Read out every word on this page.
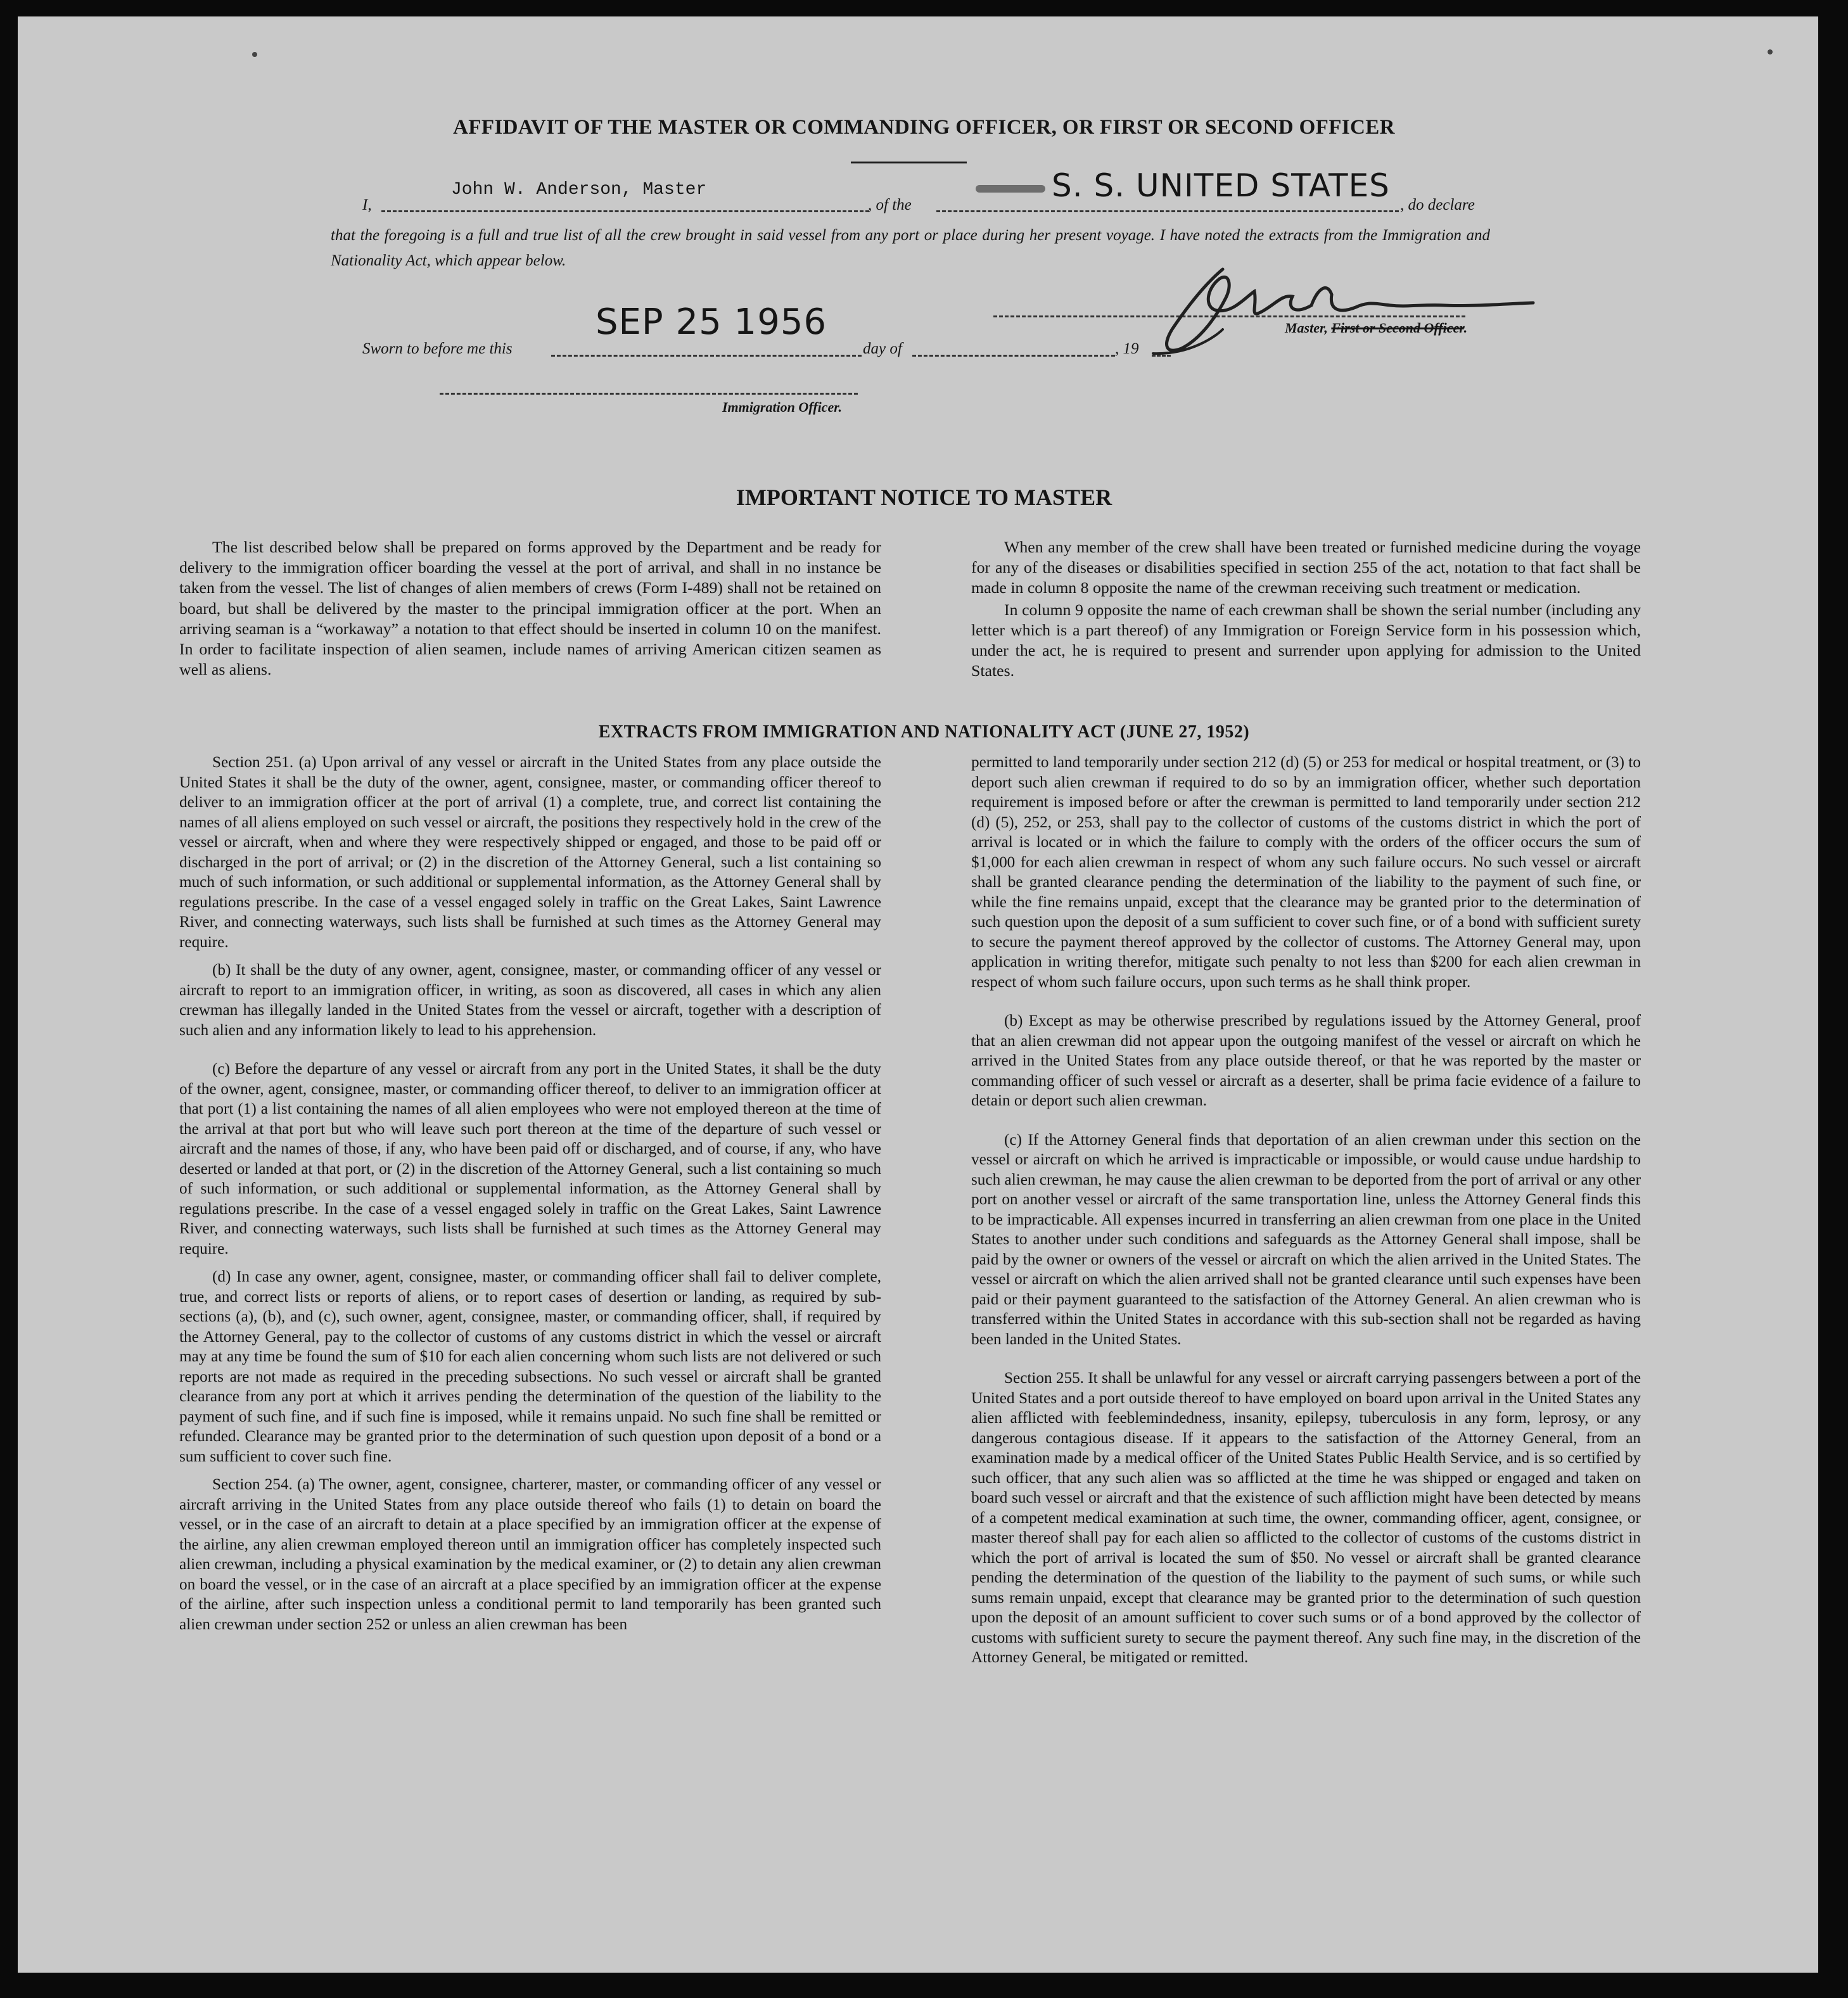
AFFIDAVIT OF THE MASTER OR COMMANDING OFFICER, OR FIRST OR SECOND OFFICER
I,
John W. Anderson, Master
, of the
S. S. UNITED STATES
, do declare
that the foregoing is a full and true list of all the crew brought in said vessel from any port or place during her present voyage. I have noted the extracts from the Immigration and Nationality Act, which appear below.
Master, First or Second Officer.
Sworn to before me this
SEP 25 1956
day of	, 19
Immigration Officer.
IMPORTANT NOTICE TO MASTER

The list described below shall be prepared on forms approved by the Department and be ready for delivery to the immigration officer boarding the vessel at the port of arrival, and shall in no instance be taken from the vessel. The list of changes of alien members of crews (Form I-489) shall not be retained on board, but shall be delivered by the master to the principal immigration officer at the port. When an arriving seaman is a “workaway” a notation to that effect should be inserted in column 10 on the manifest. In order to facilitate inspection of alien seamen, include names of arriving American citizen seamen as well as aliens.

When any member of the crew shall have been treated or furnished medicine during the voyage for any of the diseases or disabilities specified in section 255 of the act, notation to that fact shall be made in column 8 opposite the name of the crewman receiving such treatment or medication.

In column 9 opposite the name of each crewman shall be shown the serial number (including any letter which is a part thereof) of any Immigration or Foreign Service form in his possession which, under the act, he is required to present and surrender upon applying for admission to the United States.

EXTRACTS FROM IMMIGRATION AND NATIONALITY ACT (JUNE 27, 1952)

Section 251. (a) Upon arrival of any vessel or aircraft in the United States from any place outside the United States it shall be the duty of the owner, agent, consignee, master, or commanding officer thereof to deliver to an immigration officer at the port of arrival (1) a complete, true, and correct list containing the names of all aliens employed on such vessel or aircraft, the positions they respectively hold in the crew of the vessel or aircraft, when and where they were respectively shipped or engaged, and those to be paid off or discharged in the port of arrival; or (2) in the discretion of the Attorney General, such a list containing so much of such information, or such additional or supplemental information, as the Attorney General shall by regulations prescribe. In the case of a vessel engaged solely in traffic on the Great Lakes, Saint Lawrence River, and connecting waterways, such lists shall be furnished at such times as the Attorney General may require.

(b) It shall be the duty of any owner, agent, consignee, master, or commanding officer of any vessel or aircraft to report to an immigration officer, in writing, as soon as discovered, all cases in which any alien crewman has illegally landed in the United States from the vessel or aircraft, together with a description of such alien and any information likely to lead to his apprehension.

(c) Before the departure of any vessel or aircraft from any port in the United States, it shall be the duty of the owner, agent, consignee, master, or commanding officer thereof, to deliver to an immigration officer at that port (1) a list containing the names of all alien employees who were not employed thereon at the time of the arrival at that port but who will leave such port thereon at the time of the departure of such vessel or aircraft and the names of those, if any, who have been paid off or discharged, and of course, if any, who have deserted or landed at that port, or (2) in the discretion of the Attorney General, such a list containing so much of such information, or such additional or supplemental information, as the Attorney General shall by regulations prescribe. In the case of a vessel engaged solely in traffic on the Great Lakes, Saint Lawrence River, and connecting waterways, such lists shall be furnished at such times as the Attorney General may require.

(d) In case any owner, agent, consignee, master, or commanding officer shall fail to deliver complete, true, and correct lists or reports of aliens, or to report cases of desertion or landing, as required by sub-sections (a), (b), and (c), such owner, agent, consignee, master, or commanding officer, shall, if required by the Attorney General, pay to the collector of customs of any customs district in which the vessel or aircraft may at any time be found the sum of $10 for each alien concerning whom such lists are not delivered or such reports are not made as required in the preceding subsections. No such vessel or aircraft shall be granted clearance from any port at which it arrives pending the determination of the question of the liability to the payment of such fine, and if such fine is imposed, while it remains unpaid. No such fine shall be remitted or refunded. Clearance may be granted prior to the determination of such question upon deposit of a bond or a sum sufficient to cover such fine.

Section 254. (a) The owner, agent, consignee, charterer, master, or commanding officer of any vessel or aircraft arriving in the United States from any place outside thereof who fails (1) to detain on board the vessel, or in the case of an aircraft to detain at a place specified by an immigration officer at the expense of the airline, any alien crewman employed thereon until an immigration officer has completely inspected such alien crewman, including a physical examination by the medical examiner, or (2) to detain any alien crewman on board the vessel, or in the case of an aircraft at a place specified by an immigration officer at the expense of the airline, after such inspection unless a conditional permit to land temporarily has been granted such alien crewman under section 252 or unless an alien crewman has been

permitted to land temporarily under section 212 (d) (5) or 253 for medical or hospital treatment, or (3) to deport such alien crewman if required to do so by an immigration officer, whether such deportation requirement is imposed before or after the crewman is permitted to land temporarily under section 212 (d) (5), 252, or 253, shall pay to the collector of customs of the customs district in which the port of arrival is located or in which the failure to comply with the orders of the officer occurs the sum of $1,000 for each alien crewman in respect of whom any such failure occurs. No such vessel or aircraft shall be granted clearance pending the determination of the liability to the payment of such fine, or while the fine remains unpaid, except that the clearance may be granted prior to the determination of such question upon the deposit of a sum sufficient to cover such fine, or of a bond with sufficient surety to secure the payment thereof approved by the collector of customs. The Attorney General may, upon application in writing therefor, mitigate such penalty to not less than $200 for each alien crewman in respect of whom such failure occurs, upon such terms as he shall think proper.

(b) Except as may be otherwise prescribed by regulations issued by the Attorney General, proof that an alien crewman did not appear upon the outgoing manifest of the vessel or aircraft on which he arrived in the United States from any place outside thereof, or that he was reported by the master or commanding officer of such vessel or aircraft as a deserter, shall be prima facie evidence of a failure to detain or deport such alien crewman.

(c) If the Attorney General finds that deportation of an alien crewman under this section on the vessel or aircraft on which he arrived is impracticable or impossible, or would cause undue hardship to such alien crewman, he may cause the alien crewman to be deported from the port of arrival or any other port on another vessel or aircraft of the same transportation line, unless the Attorney General finds this to be impracticable. All expenses incurred in transferring an alien crewman from one place in the United States to another under such conditions and safeguards as the Attorney General shall impose, shall be paid by the owner or owners of the vessel or aircraft on which the alien arrived in the United States. The vessel or aircraft on which the alien arrived shall not be granted clearance until such expenses have been paid or their payment guaranteed to the satisfaction of the Attorney General. An alien crewman who is transferred within the United States in accordance with this sub-section shall not be regarded as having been landed in the United States.

Section 255. It shall be unlawful for any vessel or aircraft carrying passengers between a port of the United States and a port outside thereof to have employed on board upon arrival in the United States any alien afflicted with feeblemindedness, insanity, epilepsy, tuberculosis in any form, leprosy, or any dangerous contagious disease. If it appears to the satisfaction of the Attorney General, from an examination made by a medical officer of the United States Public Health Service, and is so certified by such officer, that any such alien was so afflicted at the time he was shipped or engaged and taken on board such vessel or aircraft and that the existence of such affliction might have been detected by means of a competent medical examination at such time, the owner, commanding officer, agent, consignee, or master thereof shall pay for each alien so afflicted to the collector of customs of the customs district in which the port of arrival is located the sum of $50. No vessel or aircraft shall be granted clearance pending the determination of the question of the liability to the payment of such sums, or while such sums remain unpaid, except that clearance may be granted prior to the determination of such question upon the deposit of an amount sufficient to cover such sums or of a bond approved by the collector of customs with sufficient surety to secure the payment thereof. Any such fine may, in the discretion of the Attorney General, be mitigated or remitted.
